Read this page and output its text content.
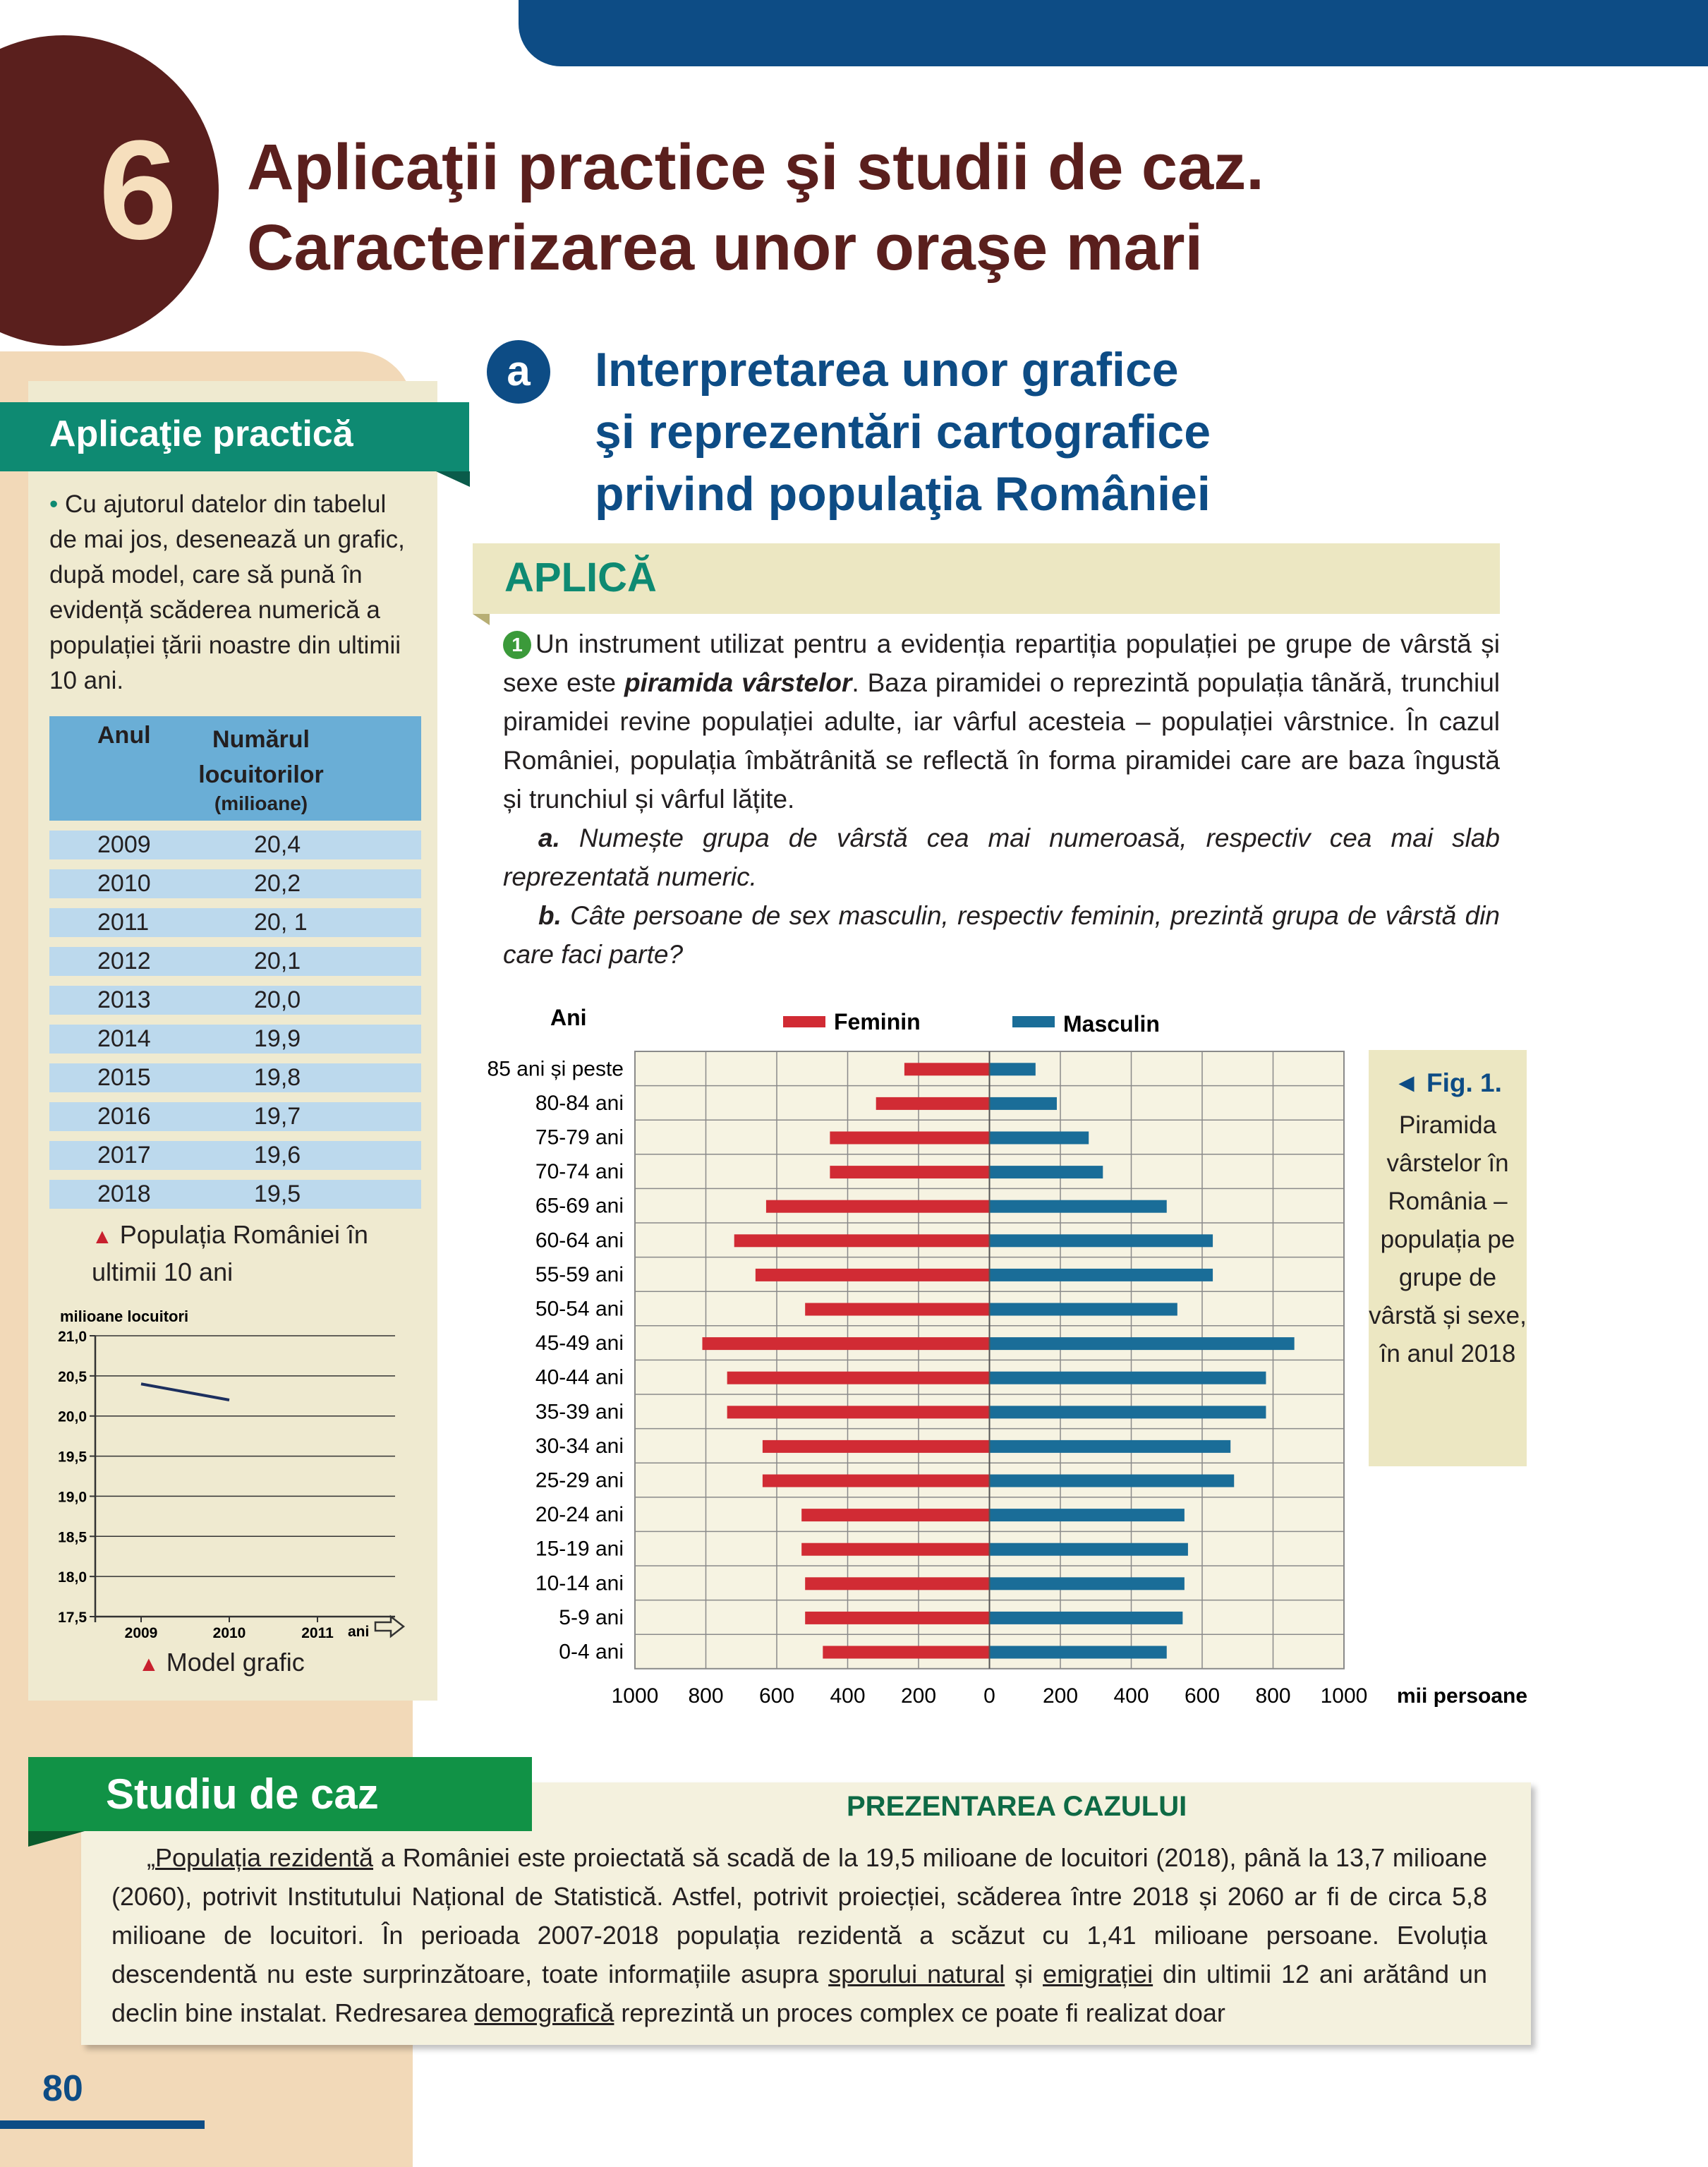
6 Aplicaţii practice şi studii de caz.
Caracterizarea unor oraşe mari
Aplicaţie practică
• Cu ajutorul datelor din tabelul de mai jos, desenează un grafic, după model, care să pună în evidență scăderea numerică a populației țării noastre din ultimii 10 ani.
Anul	Numărul locuitorilor
(milioane)
2009	20,4
2010	20,2
2011	20, 1
2012	20,1
2013	20,0
2014	19,9
2015	19,8
2016	19,7
2017	19,6
2018	19,5
▲ Populația României în ultimii 10 ani
milioane locuitori
21,0
20,5
20,0
19,5
19,0
18,5
18,0
17,5
2009	2010	2011 ani
▲ Model grafic
a	Interpretarea unor grafice
şi reprezentări cartografice
privind populaţia României
APLICĂ
1 Un instrument utilizat pentru a evidenția repartiția populației pe grupe de vârstă și sexe este piramida vârstelor. Baza piramidei o reprezintă populația tânără, trunchiul piramidei revine populației adulte, iar vârful acesteia – populației vârstnice. În cazul României, populația îmbătrânită se reflectă în forma piramidei care are baza îngustă și trunchiul și vârful lățite.
a. Numește grupa de vârstă cea mai numeroasă, respectiv cea mai slab reprezentată numeric.
b. Câte persoane de sex masculin, respectiv feminin, prezintă grupa de vârstă din care faci parte?
1000 800 600 400 200 0 200 400 600 800 1000
85 ani și peste
80-84 ani
75-79 ani
70-74 ani
65-69 ani
60-64 ani
55-59 ani
50-54 ani
45-49 ani
40-44 ani
35-39 ani
30-34 ani
25-29 ani
20-24 ani
15-19 ani
10-14 ani
5-9 ani
0-4 ani
Ani
mii persoane
Feminin	Masculin
◄ Fig. 1.
Piramida vârstelor în România – populația pe grupe de vârstă și sexe, în anul 2018
Studiu de caz	PREZENTAREA CAZULUI
„Populația rezidentă a României este proiectată să scadă de la 19,5 milioane de locuitori (2018), până la 13,7 milioane (2060), potrivit Institutului Național de Statistică. Astfel, potrivit proiecției, scăderea între 2018 și 2060 ar fi de circa 5,8 milioane de locuitori. În perioada 2007-2018 populația rezidentă a scăzut cu 1,41 milioane persoane. Evoluția descendentă nu este surprinzătoare, toate informațiile asupra sporului natural și emigrației din ultimii 12 ani arătând un declin bine instalat. Redresarea demografică reprezintă un proces complex ce poate fi realizat doar
80
